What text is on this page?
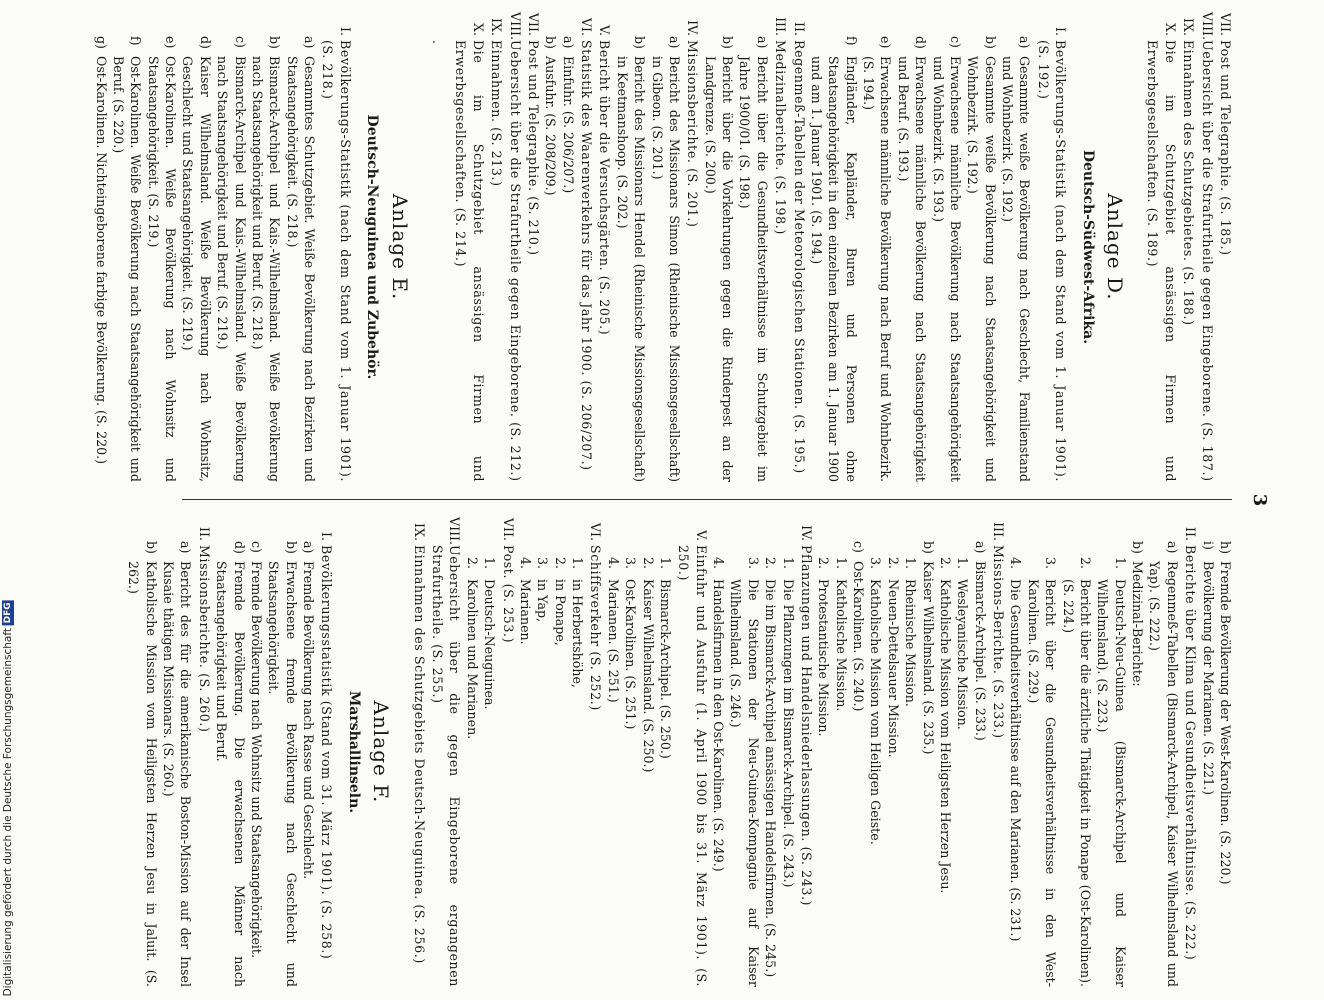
3
VII.
Post und Telegraphie. (S. 185.)
VIII.
Uebersicht über die Strafurtheile gegen Eingeborene. (S. 187.)
IX.
Einnahmen des Schutzgebietes. (S. 188.)
X.
Die im Schutzgebiet ansässigen Firmen und Erwerbsgesellschaften. (S. 189.)
Anlage D.
Deutsch-Südwest-Afrika.
I.
Bevölkerungs-Statistik (nach dem Stand vom 1. Januar 1901). (S. 192.)
a)
Gesammte weiße Bevölkerung nach Geschlecht, Familienstand und Wohnbezirk. (S. 192.)
b)
Gesammte weiße Bevölkerung nach Staatsangehörigkeit und Wohnbezirk. (S. 192.)
c)
Erwachsene männliche Bevölkerung nach Staatsangehörigkeit und Wohnbezirk. (S. 193.)
d)
Erwachsene männliche Bevölkerung nach Staatsangehörigkeit und Beruf. (S. 193.)
e)
Erwachsene männliche Bevölkerung nach Beruf und Wohnbezirk. (S. 194.)
f)
Engländer, Kapländer, Buren und Personen ohne Staatsangehörigkeit in den einzelnen Bezirken am 1. Januar 1900 und am 1. Januar 1901. (S. 194.)
II.
Regenmeß-Tabellen der Meteorologischen Stationen. (S. 195.)
III.
Medizinalberichte. (S. 198.)
a)
Bericht über die Gesundheitsverhältnisse im Schutzgebiet im Jahre 1900/01. (S. 198.)
b)
Bericht über die Vorkehrungen gegen die Rinderpest an der Landgrenze. (S. 200.)
IV.
Missionsberichte. (S. 201.)
a)
Bericht des Missionars Simon (Rheinische Missionsgesellschaft) in Gibeon. (S. 201.)
b)
Bericht des Missionars Hendel (Rheinische Missionsgesellschaft) in Keetmanshoop. (S. 202.)
V.
Bericht über die Versuchsgärten. (S. 205.)
VI.
Statistik des Waarenverkehrs für das Jahr 1900. (S. 206/207.)
a)
Einfuhr. (S. 206/207.)
b)
Ausfuhr. (S. 208/209.)
VII.
Post und Telegraphie. (S. 210.)
VIII.
Uebersicht über die Strafurtheile gegen Eingeborene. (S. 212.)
IX.
Einnahmen. (S. 213.)
X.
Die im Schutzgebiet ansässigen Firmen und Erwerbsgesellschaften. (S. 214.)
.
Anlage E.
Deutsch-Neuguinea und Zubehör.
I.
Bevölkerungs-Statistik (nach dem Stand vom 1. Januar 1901). (S. 218.)
a)
Gesammtes Schutzgebiet. Weiße Bevölkerung nach Bezirken und Staatsangehörigkeit. (S. 218.)
b)
Bismarck-Archipel und Kais.-Wilhelmsland. Weiße Bevölkerung nach Staatsangehörigkeit und Beruf. (S. 218.)
c)
Bismarck-Archipel und Kais.-Wilhelmsland. Weiße Bevölkerung nach Staatsangehörigkeit und Beruf. (S. 219.)
d)
Kaiser Wilhelmsland. Weiße Bevölkerung nach Wohnsitz, Geschlecht und Staatsangehörigkeit. (S. 219.)
e)
Ost-Karolinen. Weiße Bevölkerung nach Wohnsitz und Staatsangehörigkeit. (S. 219.)
f)
Ost-Karolinen. Weiße Bevölkerung nach Staatsangehörigkeit und Beruf. (S. 220.)
g)
Ost-Karolinen. Nichteingeborene farbige Bevölkerung. (S. 220.)
h)
Fremde Bevölkerung der West-Karolinen. (S. 220.)
i)
Bevölkerung der Marianen. (S. 221.)
II.
Berichte über Klima und Gesundheitsverhältnisse. (S. 222.)
a)
Regenmeß-Tabellen (Bismarck-Archipel, Kaiser Wilhelmsland und Yap). (S. 222.)
b)
Medizinal-Berichte:
1.
Deutsch-Neu-Guinea (Bismarck-Archipel und Kaiser Wilhelmsland). (S. 223.)
2.
Bericht über die ärztliche Thätigkeit in Ponape (Ost-Karolinen). (S. 224.)
3.
Bericht über die Gesundheitsverhältnisse in den West-Karolinen. (S. 229.)
4.
Die Gesundheitsverhältnisse auf den Marianen. (S. 231.)
III.
Missions-Berichte. (S. 233.)
a)
Bismarck-Archipel. (S. 233.)
1.
Wesleyanische Mission.
2.
Katholische Mission vom Heiligsten Herzen Jesu.
b)
Kaiser Wilhelmsland. (S. 235.)
1.
Rheinische Mission.
2.
Neuen-Dettelsauer Mission.
3.
Katholische Mission vom Heiligen Geiste.
c)
Ost-Karolinen. (S. 240.)
1.
Katholische Mission.
2.
Protestantische Mission.
IV.
Pflanzungen und Handelsniederlassungen. (S. 243.)
1.
Die Pflanzungen im Bismarck-Archipel. (S. 243.)
2.
Die im Bismarck-Archipel ansässigen Handelsfirmen. (S. 245.)
3.
Die Stationen der Neu-Guinea-Kompagnie auf Kaiser Wilhelmsland. (S. 246.)
4.
Handelsfirmen in den Ost-Karolinen. (S. 249.)
V.
Einfuhr und Ausfuhr (1. April 1900 bis 31. März 1901). (S. 250.)
1.
Bismarck-Archipel. (S. 250.)
2.
Kaiser Wilhelmsland. (S. 250.)
3.
Ost-Karolinen. (S. 251.)
4.
Marianen. (S. 251.)
VI.
Schiffsverkehr (S. 252.)
1.
in Herbertshöhe,
2.
in Ponape,
3.
in Yap,
4.
Marianen.
VII.
Post. (S. 253.)
1.
Deutsch-Neuguinea.
2.
Karolinen und Marianen.
VIII.
Uebersicht über die gegen Eingeborene ergangenen Strafurtheile. (S. 255.)
IX.
Einnahmen des Schutzgebiets Deutsch-Neuguinea. (S. 256.)
Anlage F.
Marshallinseln.
I.
Bevölkerungsstatistik (Stand vom 31. März 1901). (S. 258.)
a)
Fremde Bevölkerung nach Rasse und Geschlecht.
b)
Erwachsene fremde Bevölkerung nach Geschlecht und Staatsangehörigkeit.
c)
Fremde Bevölkerung nach Wohnsitz und Staatsangehörigkeit.
d)
Fremde Bevölkerung. Die erwachsenen Männer nach Staatsangehörigkeit und Beruf.
II.
Missionsberichte. (S. 260.)
a)
Bericht des für die amerikanische Boston-Mission auf der Insel Kusaie thätigen Missionars. (S. 260.)
b)
Katholische Mission vom Heiligsten Herzen Jesu in Jaluit. (S. 262.)
Digitalisierung gefördert durch die Deutsche Forschungsgemeinschaft
DFG
